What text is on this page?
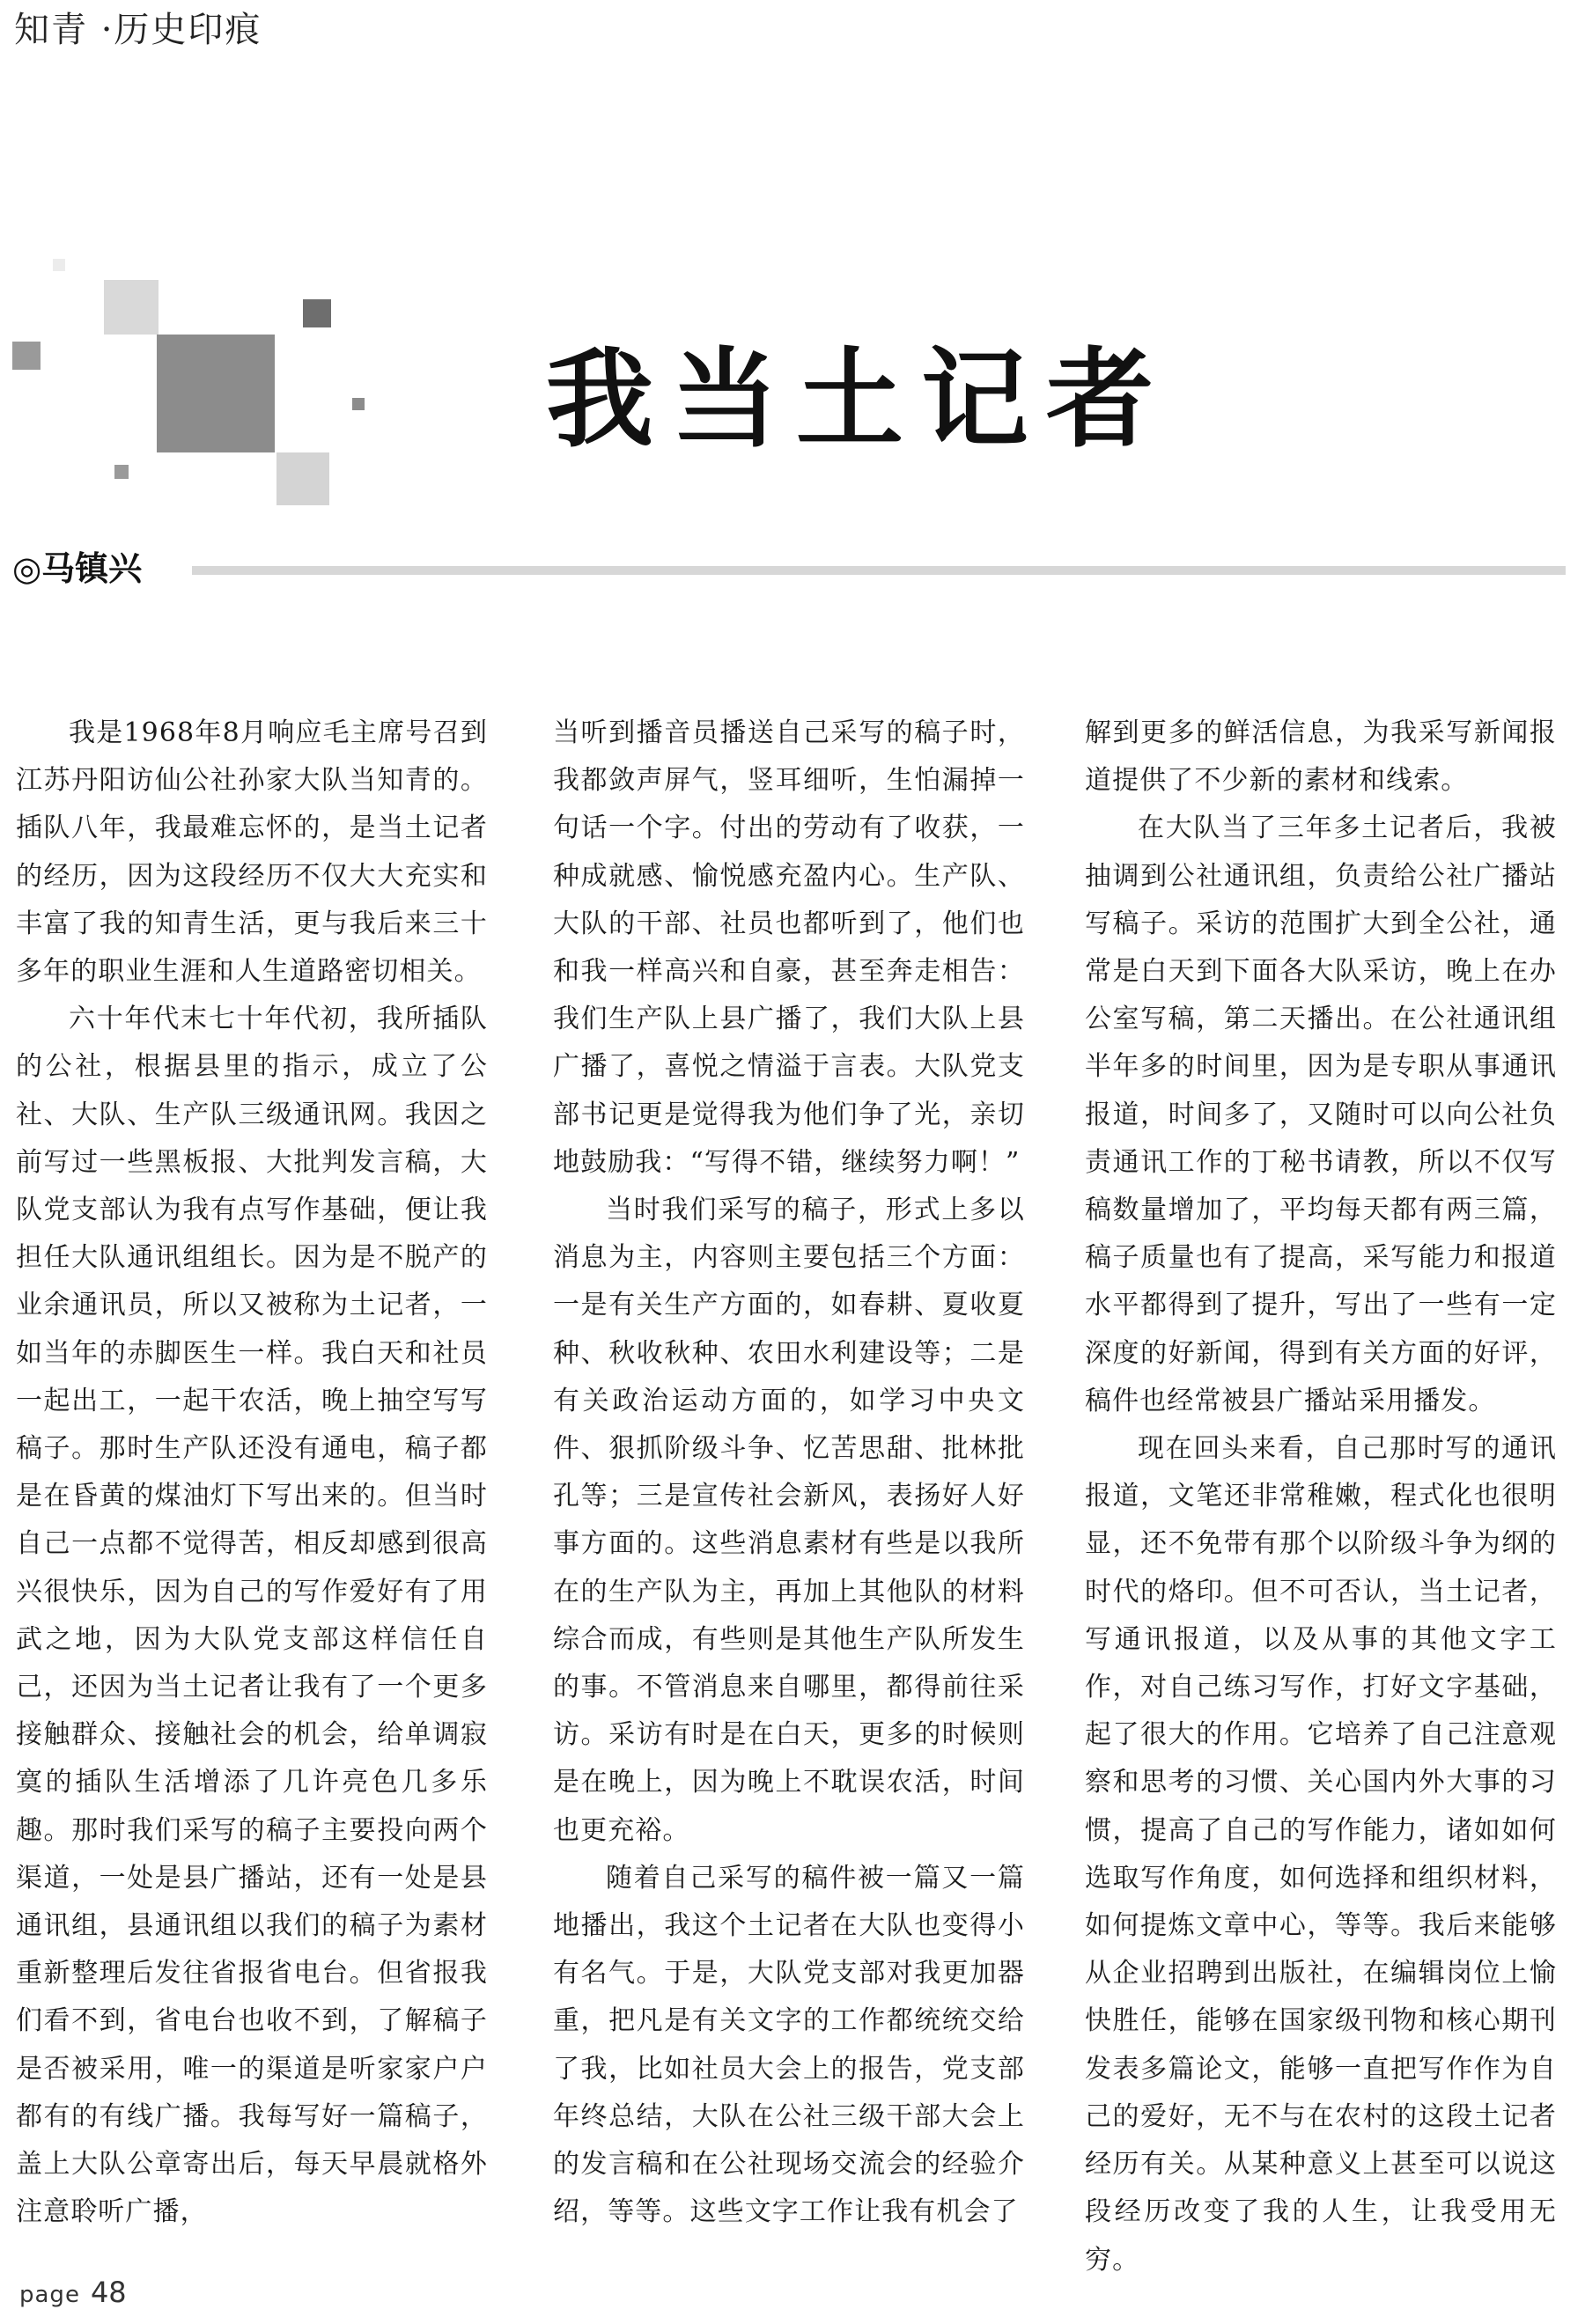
知青 ·历史印痕
我当土记者
◎马镇兴

我是1968年8月响应毛主席号召到江苏丹阳访仙公社孙家大队当知青的。插队八年，我最难忘怀的，是当土记者的经历，因为这段经历不仅大大充实和丰富了我的知青生活，更与我后来三十多年的职业生涯和人生道路密切相关。

六十年代末七十年代初，我所插队的公社，根据县里的指示，成立了公社、大队、生产队三级通讯网。我因之前写过一些黑板报、大批判发言稿，大队党支部认为我有点写作基础，便让我担任大队通讯组组长。因为是不脱产的业余通讯员，所以又被称为土记者，一如当年的赤脚医生一样。我白天和社员一起出工，一起干农活，晚上抽空写写稿子。那时生产队还没有通电，稿子都是在昏黄的煤油灯下写出来的。但当时自己一点都不觉得苦，相反却感到很高兴很快乐，因为自己的写作爱好有了用武之地，因为大队党支部这样信任自己，还因为当土记者让我有了一个更多接触群众、接触社会的机会，给单调寂寞的插队生活增添了几许亮色几多乐趣。那时我们采写的稿子主要投向两个渠道，一处是县广播站，还有一处是县通讯组，县通讯组以我们的稿子为素材重新整理后发往省报省电台。但省报我们看不到，省电台也收不到，了解稿子是否被采用，唯一的渠道是听家家户户都有的有线广播。我每写好一篇稿子，盖上大队公章寄出后，每天早晨就格外注意聆听广播，

当听到播音员播送自己采写的稿子时，我都敛声屏气，竖耳细听，生怕漏掉一句话一个字。付出的劳动有了收获，一种成就感、愉悦感充盈内心。生产队、大队的干部、社员也都听到了，他们也和我一样高兴和自豪，甚至奔走相告：我们生产队上县广播了，我们大队上县广播了，喜悦之情溢于言表。大队党支部书记更是觉得我为他们争了光，亲切地鼓励我：“写得不错，继续努力啊！”

当时我们采写的稿子，形式上多以消息为主，内容则主要包括三个方面：一是有关生产方面的，如春耕、夏收夏种、秋收秋种、农田水利建设等；二是有关政治运动方面的，如学习中央文件、狠抓阶级斗争、忆苦思甜、批林批孔等；三是宣传社会新风，表扬好人好事方面的。这些消息素材有些是以我所在的生产队为主，再加上其他队的材料综合而成，有些则是其他生产队所发生的事。不管消息来自哪里，都得前往采访。采访有时是在白天，更多的时候则是在晚上，因为晚上不耽误农活，时间也更充裕。

随着自己采写的稿件被一篇又一篇地播出，我这个土记者在大队也变得小有名气。于是，大队党支部对我更加器重，把凡是有关文字的工作都统统交给了我，比如社员大会上的报告，党支部年终总结，大队在公社三级干部大会上的发言稿和在公社现场交流会的经验介绍，等等。这些文字工作让我有机会了

解到更多的鲜活信息，为我采写新闻报道提供了不少新的素材和线索。

在大队当了三年多土记者后，我被抽调到公社通讯组，负责给公社广播站写稿子。采访的范围扩大到全公社，通常是白天到下面各大队采访，晚上在办公室写稿，第二天播出。在公社通讯组半年多的时间里，因为是专职从事通讯报道，时间多了，又随时可以向公社负责通讯工作的丁秘书请教，所以不仅写稿数量增加了，平均每天都有两三篇，稿子质量也有了提高，采写能力和报道水平都得到了提升，写出了一些有一定深度的好新闻，得到有关方面的好评，稿件也经常被县广播站采用播发。

现在回头来看，自己那时写的通讯报道，文笔还非常稚嫩，程式化也很明显，还不免带有那个以阶级斗争为纲的时代的烙印。但不可否认，当土记者，写通讯报道，以及从事的其他文字工作，对自己练习写作，打好文字基础，起了很大的作用。它培养了自己注意观察和思考的习惯、关心国内外大事的习惯，提高了自己的写作能力，诸如如何选取写作角度，如何选择和组织材料，如何提炼文章中心，等等。我后来能够从企业招聘到出版社，在编辑岗位上愉快胜任，能够在国家级刊物和核心期刊发表多篇论文，能够一直把写作作为自己的爱好，无不与在农村的这段土记者经历有关。从某种意义上甚至可以说这段经历改变了我的人生，让我受用无穷。

page 48
